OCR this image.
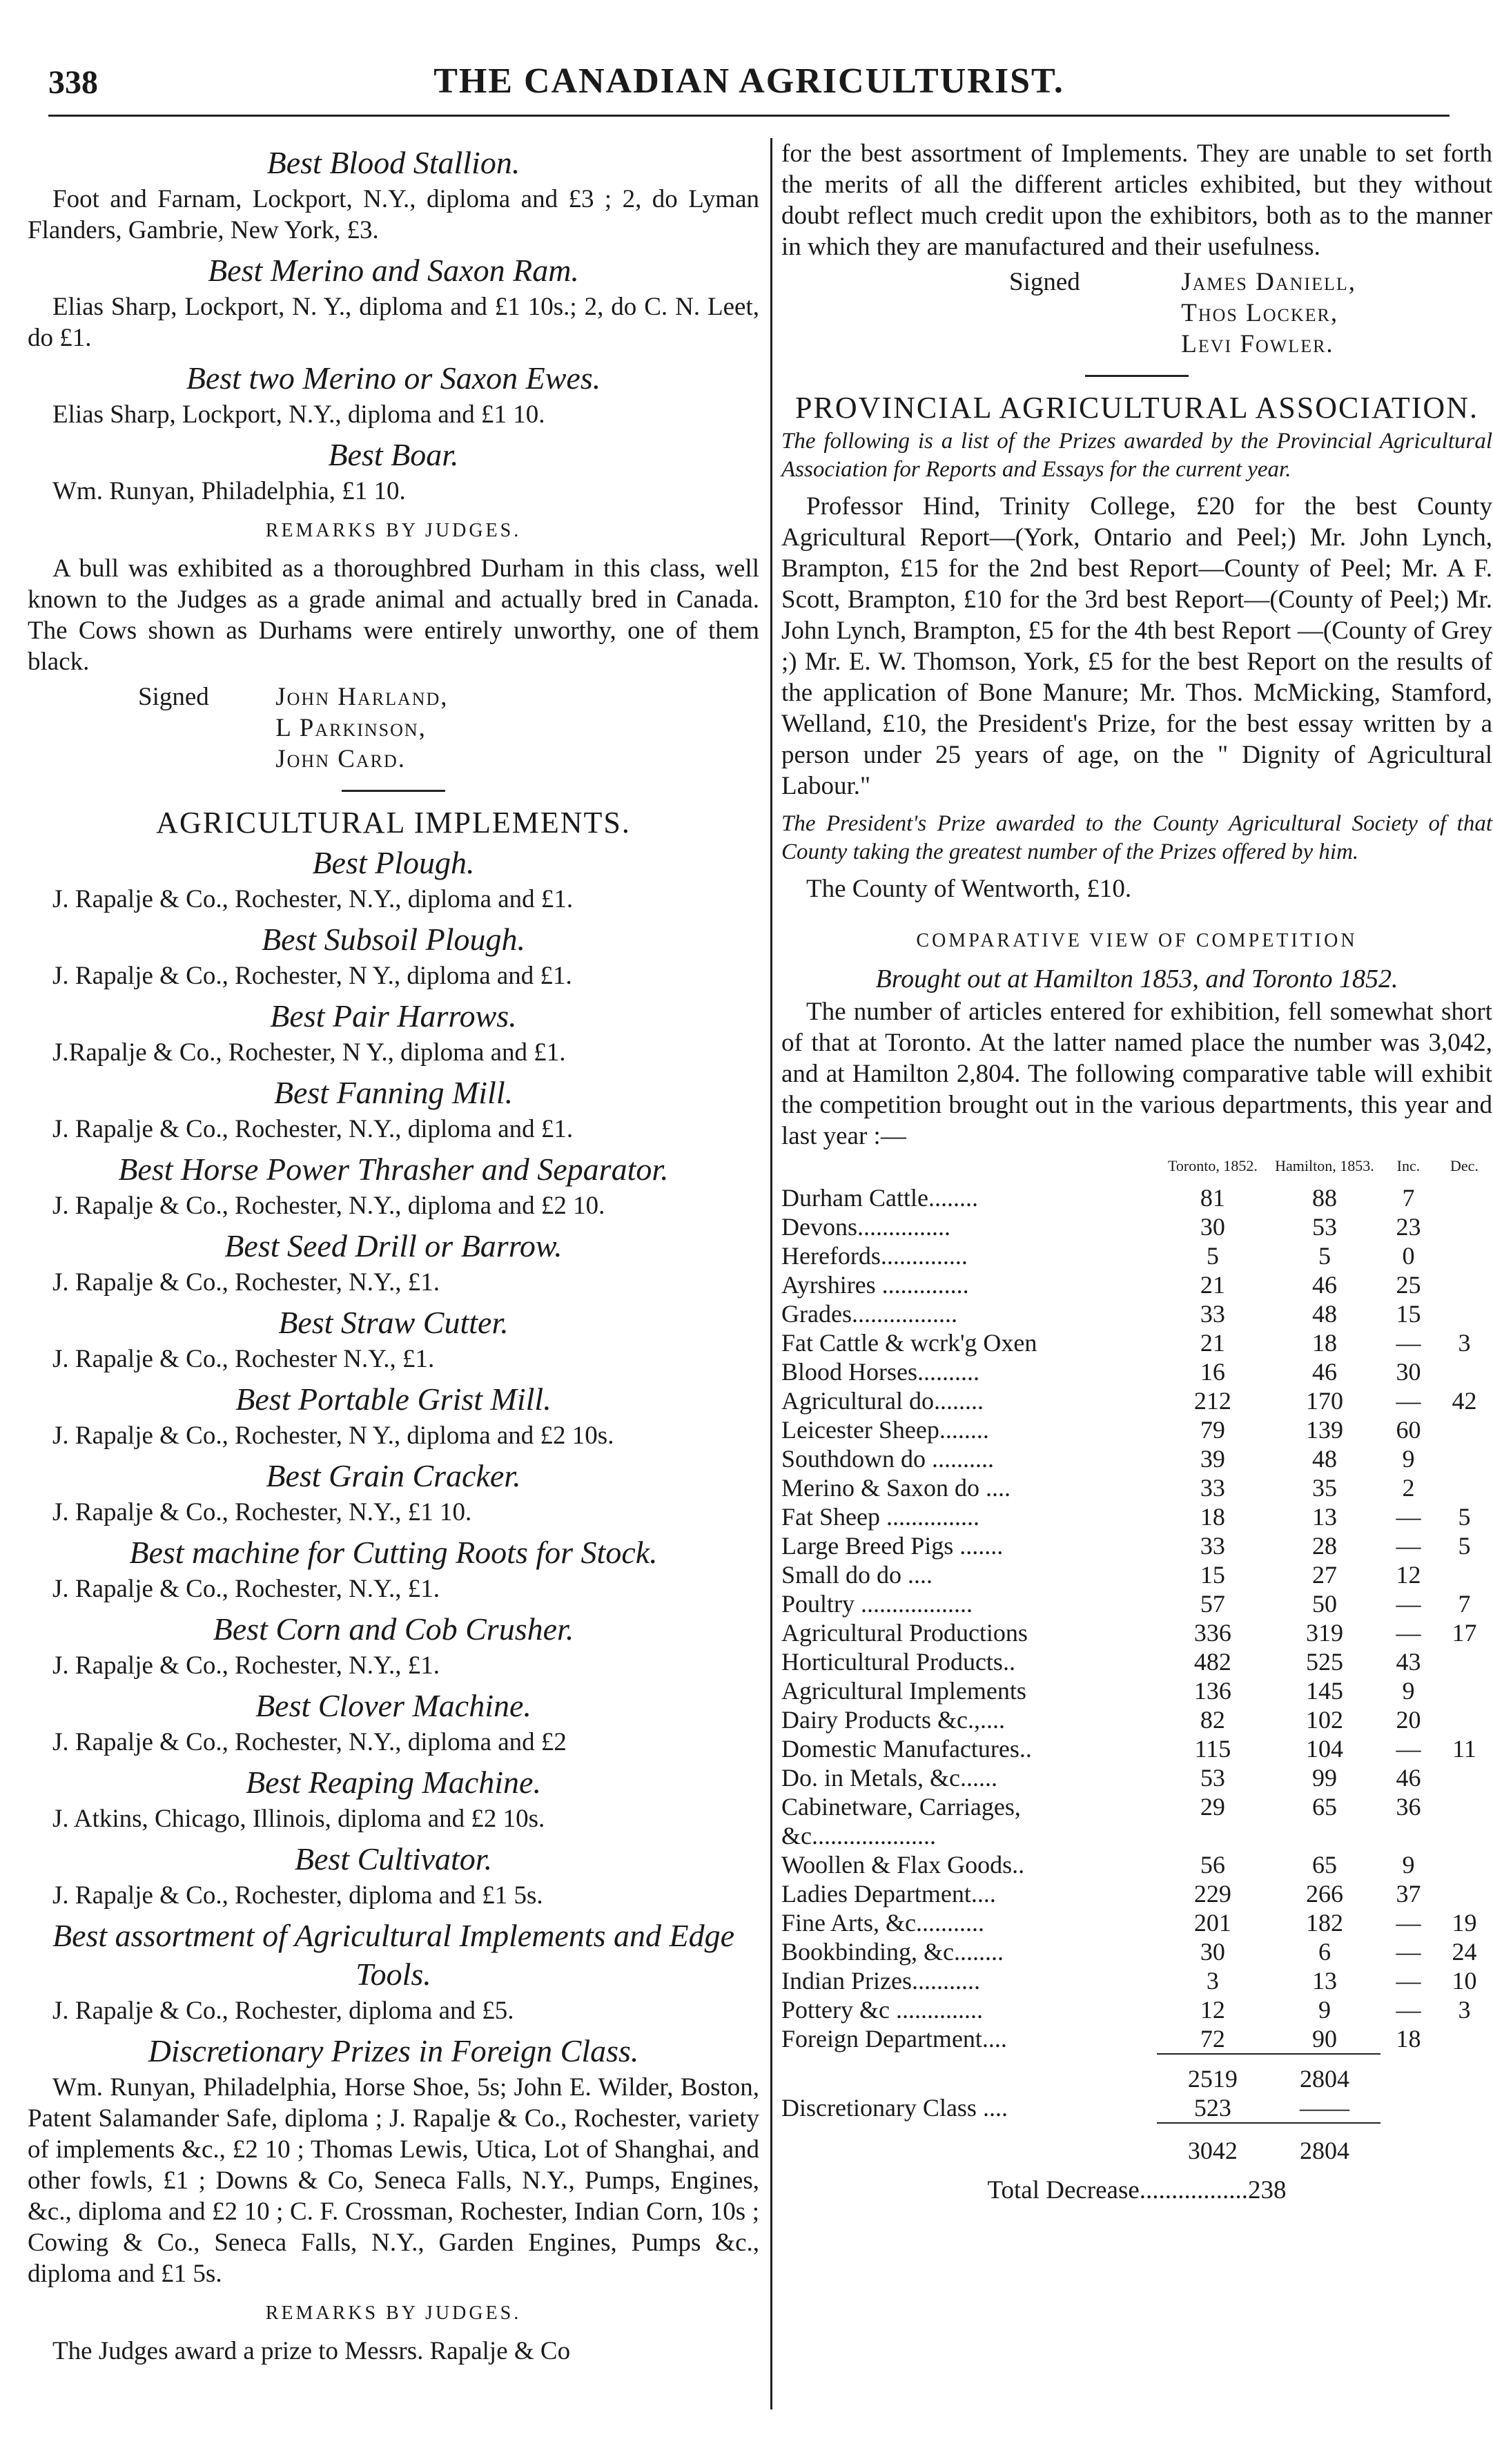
338	THE CANADIAN AGRICULTURIST.
Best Blood Stallion.

Foot and Farnam, Lockport, N.Y., diploma and £3 ; 2, do Lyman Flanders, Gambrie, New York, £3.

Best Merino and Saxon Ram.

Elias Sharp, Lockport, N. Y., diploma and £1 10s.; 2, do C. N. Leet, do £1.

Best two Merino or Saxon Ewes.

Elias Sharp, Lockport, N.Y., diploma and £1 10.

Best Boar.

Wm. Runyan, Philadelphia, £1 10.

REMARKS BY JUDGES.

A bull was exhibited as a thoroughbred Durham in this class, well known to the Judges as a grade animal and actually bred in Canada. The Cows shown as Durhams were entirely unworthy, one of them black.

Signed	John Harland,
L Parkinson,
John Card.
AGRICULTURAL IMPLEMENTS.
Best Plough.

J. Rapalje & Co., Rochester, N.Y., diploma and £1.

Best Subsoil Plough.

J. Rapalje & Co., Rochester, N Y., diploma and £1.

Best Pair Harrows.

J.Rapalje & Co., Rochester, N Y., diploma and £1.

Best Fanning Mill.

J. Rapalje & Co., Rochester, N.Y., diploma and £1.

Best Horse Power Thrasher and Separator.

J. Rapalje & Co., Rochester, N.Y., diploma and £2 10.

Best Seed Drill or Barrow.

J. Rapalje & Co., Rochester, N.Y., £1.

Best Straw Cutter.

J. Rapalje & Co., Rochester N.Y., £1.

Best Portable Grist Mill.

J. Rapalje & Co., Rochester, N Y., diploma and £2 10s.

Best Grain Cracker.

J. Rapalje & Co., Rochester, N.Y., £1 10.

Best machine for Cutting Roots for Stock.

J. Rapalje & Co., Rochester, N.Y., £1.

Best Corn and Cob Crusher.

J. Rapalje & Co., Rochester, N.Y., £1.

Best Clover Machine.

J. Rapalje & Co., Rochester, N.Y., diploma and £2

Best Reaping Machine.

J. Atkins, Chicago, Illinois, diploma and £2 10s.

Best Cultivator.

J. Rapalje & Co., Rochester, diploma and £1 5s.

Best assortment of Agricultural Implements and Edge Tools.

J. Rapalje & Co., Rochester, diploma and £5.

Discretionary Prizes in Foreign Class.

Wm. Runyan, Philadelphia, Horse Shoe, 5s; John E. Wilder, Boston, Patent Salamander Safe, diploma ; J. Rapalje & Co., Rochester, variety of implements &c., £2 10 ; Thomas Lewis, Utica, Lot of Shanghai, and other fowls, £1 ; Downs & Co, Seneca Falls, N.Y., Pumps, Engines, &c., diploma and £2 10 ; C. F. Crossman, Rochester, Indian Corn, 10s ; Cowing & Co., Seneca Falls, N.Y., Garden Engines, Pumps &c., diploma and £1 5s.

REMARKS BY JUDGES.

The Judges award a prize to Messrs. Rapalje & Co

for the best assortment of Implements. They are unable to set forth the merits of all the different articles exhibited, but they without doubt reflect much credit upon the exhibitors, both as to the manner in which they are manufactured and their usefulness.

Signed	James Daniell,
Thos Locker,
Levi Fowler.
PROVINCIAL AGRICULTURAL ASSOCIATION.

The following is a list of the Prizes awarded by the Provincial Agricultural Association for Reports and Essays for the current year.

Professor Hind, Trinity College, £20 for the best County Agricultural Report—(York, Ontario and Peel;) Mr. John Lynch, Brampton, £15 for the 2nd best Report—County of Peel; Mr. A F. Scott, Brampton, £10 for the 3rd best Report—(County of Peel;) Mr. John Lynch, Brampton, £5 for the 4th best Report —(County of Grey ;) Mr. E. W. Thomson, York, £5 for the best Report on the results of the application of Bone Manure; Mr. Thos. McMicking, Stamford, Welland, £10, the President's Prize, for the best essay written by a person under 25 years of age, on the " Dignity of Agricultural Labour."

The President's Prize awarded to the County Agricultural Society of that County taking the greatest number of the Prizes offered by him.

The County of Wentworth, £10.

COMPARATIVE VIEW OF COMPETITION
Brought out at Hamilton 1853, and Toronto 1852.

The number of articles entered for exhibition, fell somewhat short of that at Toronto. At the latter named place the number was 3,042, and at Hamilton 2,804. The following comparative table will exhibit the competition brought out in the various departments, this year and last year :—

	Toronto, 1852.	Hamilton, 1853.	Inc.	Dec.
Durham Cattle........	81	88	7	
Devons...............	30	53	23	
Herefords..............	5	5	0	
Ayrshires ..............	21	46	25	
Grades.................	33	48	15	
Fat Cattle & wcrk'g Oxen	21	18	—	3
Blood Horses..........	16	46	30	
Agricultural do........	212	170	—	42
Leicester Sheep........	79	139	60	
Southdown do ..........	39	48	9	
Merino & Saxon do ....	33	35	2	
Fat Sheep ...............	18	13	—	5
Large Breed Pigs .......	33	28	—	5
Small do do ....	15	27	12	
Poultry ..................	57	50	—	7
Agricultural Productions	336	319	—	17
Horticultural Products..	482	525	43	
Agricultural Implements	136	145	9	
Dairy Products &c.,....	82	102	20	
Domestic Manufactures..	115	104	—	11
Do. in Metals, &c......	53	99	46	
Cabinetware, Carriages, &c....................	29	65	36	
Woollen & Flax Goods..	56	65	9	
Ladies Department....	229	266	37	
Fine Arts, &c...........	201	182	—	19
Bookbinding, &c........	30	6	—	24
Indian Prizes...........	3	13	—	10
Pottery &c ..............	12	9	—	3
Foreign Department....	72	90	18	
	2519	2804		
Discretionary Class ....	523	——		
	3042	2804		
Total Decrease.................238
